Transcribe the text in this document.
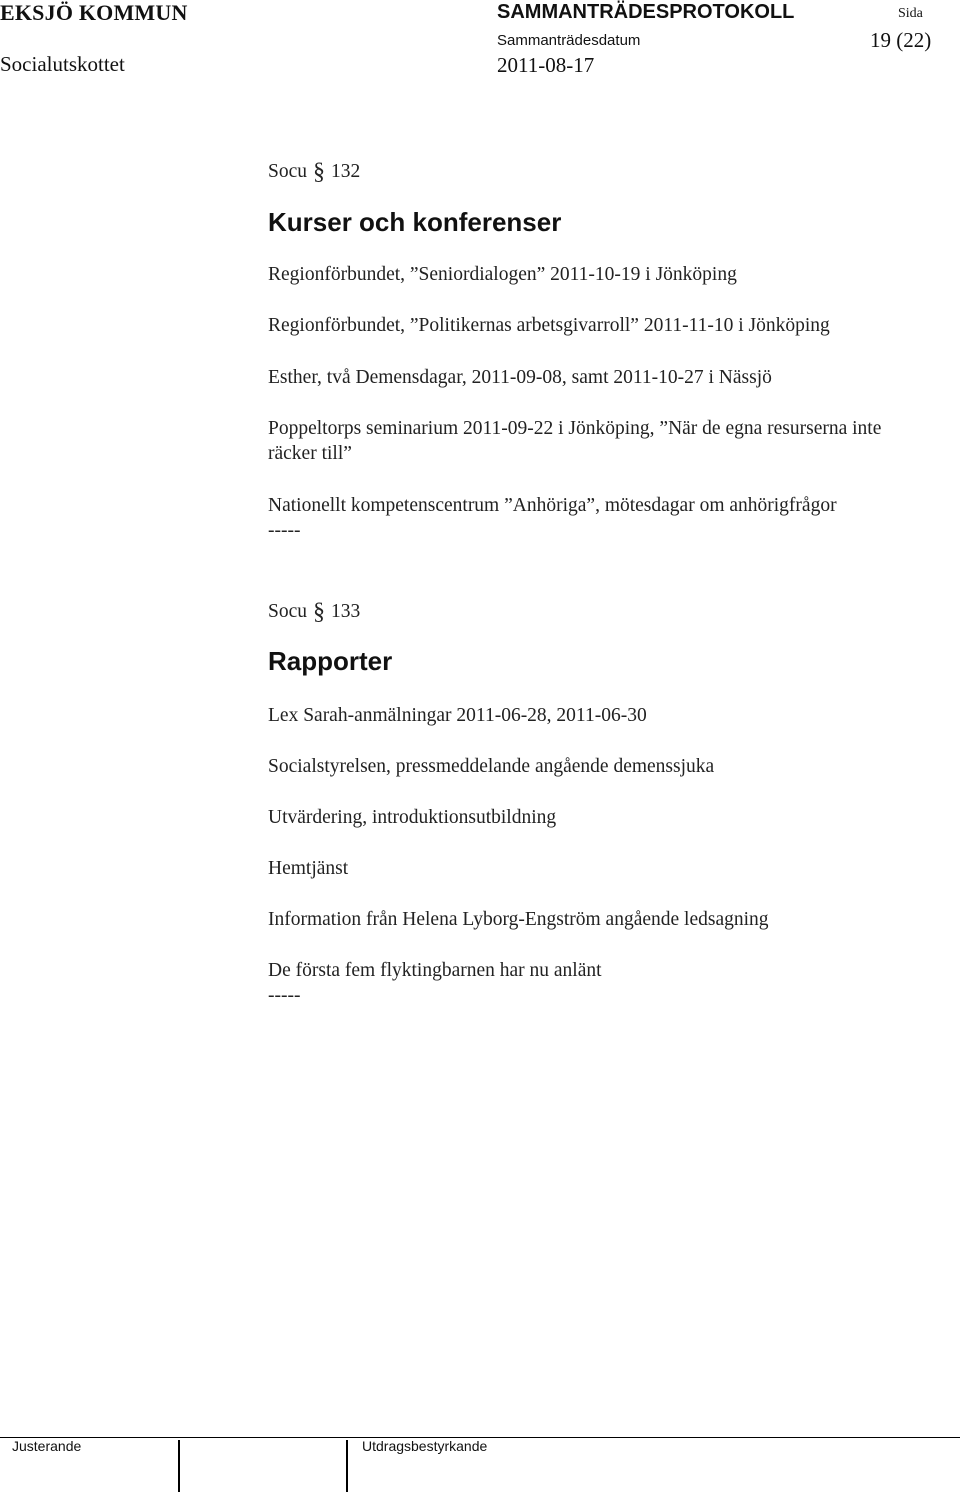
EKSJÖ KOMMUN
Socialutskottet
SAMMANTRÄDESPROTOKOLL
Sammanträdesdatum
2011-08-17
Sida
19 (22)
Socu § 132
Kurser och konferenser
Regionförbundet, ”Seniordialogen” 2011-10-19 i Jönköping
Regionförbundet, ”Politikernas arbetsgivarroll” 2011-11-10 i Jönköping
Esther, två Demensdagar, 2011-09-08, samt 2011-10-27 i Nässjö
Poppeltorps seminarium 2011-09-22 i Jönköping, ”När de egna resurserna inte
räcker till”
Nationellt kompetenscentrum ”Anhöriga”, mötesdagar om anhörigfrågor
-----
Socu § 133
Rapporter
Lex Sarah-anmälningar 2011-06-28, 2011-06-30
Socialstyrelsen, pressmeddelande angående demenssjuka
Utvärdering, introduktionsutbildning
Hemtjänst
Information från Helena Lyborg-Engström angående ledsagning
De första fem flyktingbarnen har nu anlänt
-----
Justerande	Utdragsbestyrkande
